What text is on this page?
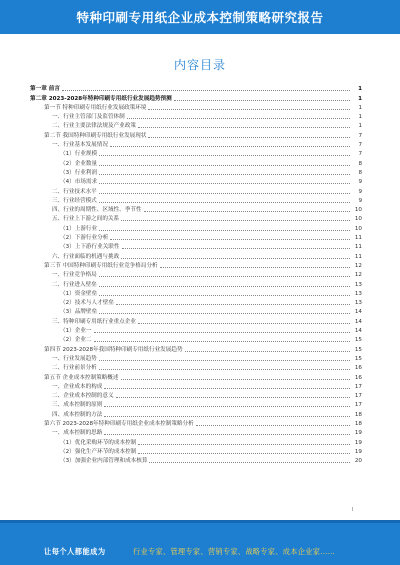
特种印刷专用纸企业成本控制策略研究报告
内容目录
第一章 前言	1
第二章 2023-2028年特种印刷专用纸行业发展趋势预测	1
第一节 特种印刷专用纸行业发展政策环境	1
一、行业主管部门及监管体制	1
二、行业主要法律法规及产业政策	1
第二节 我国特种印刷专用纸行业发展现状	7
一、行业基本发展情况	7
（1）行业规模	7
（2）企业数量	8
（3）行业利润	8
（4）市场需求	9
二、行业技术水平	9
三、行业经营模式	9
四、行业的周期性、区域性、季节性	10
五、行业上下游之间的关系	10
（1）上游行业	10
（2）下游行业分析	11
（3）上下游行业关联性	11
六、行业面临的机遇与挑战	11
第三节 中国特种印刷专用纸行业竞争格局分析	12
一、行业竞争格局	12
二、行业进入壁垒	13
（1）资金壁垒	13
（2）技术与人才壁垒	13
（3）品牌壁垒	14
三、特种印刷专用纸行业重点企业	14
（1）企业一	14
（2）企业二	15
第四节 2023-2028年我国特种印刷专用纸行业发展趋势	15
一、行业发展趋势	15
二、行业前景分析	16
第五节 企业成本控制策略概述	16
一、企业成本的构成	17
二、企业成本控制的意义	17
三、成本控制的原则	17
四、成本控制的方法	18
第六节 2023-2028年特种印刷专用纸企业成本控制策略分析	18
一、成本控制的思路	19
（1）优化采购环节的成本控制	19
（2）强化生产环节的成本控制	19
（3）加强企业内部管理和成本核算	20
I
让每个人都能成为	行业专家、管理专家、营销专家、战略专家、成本企业家……
